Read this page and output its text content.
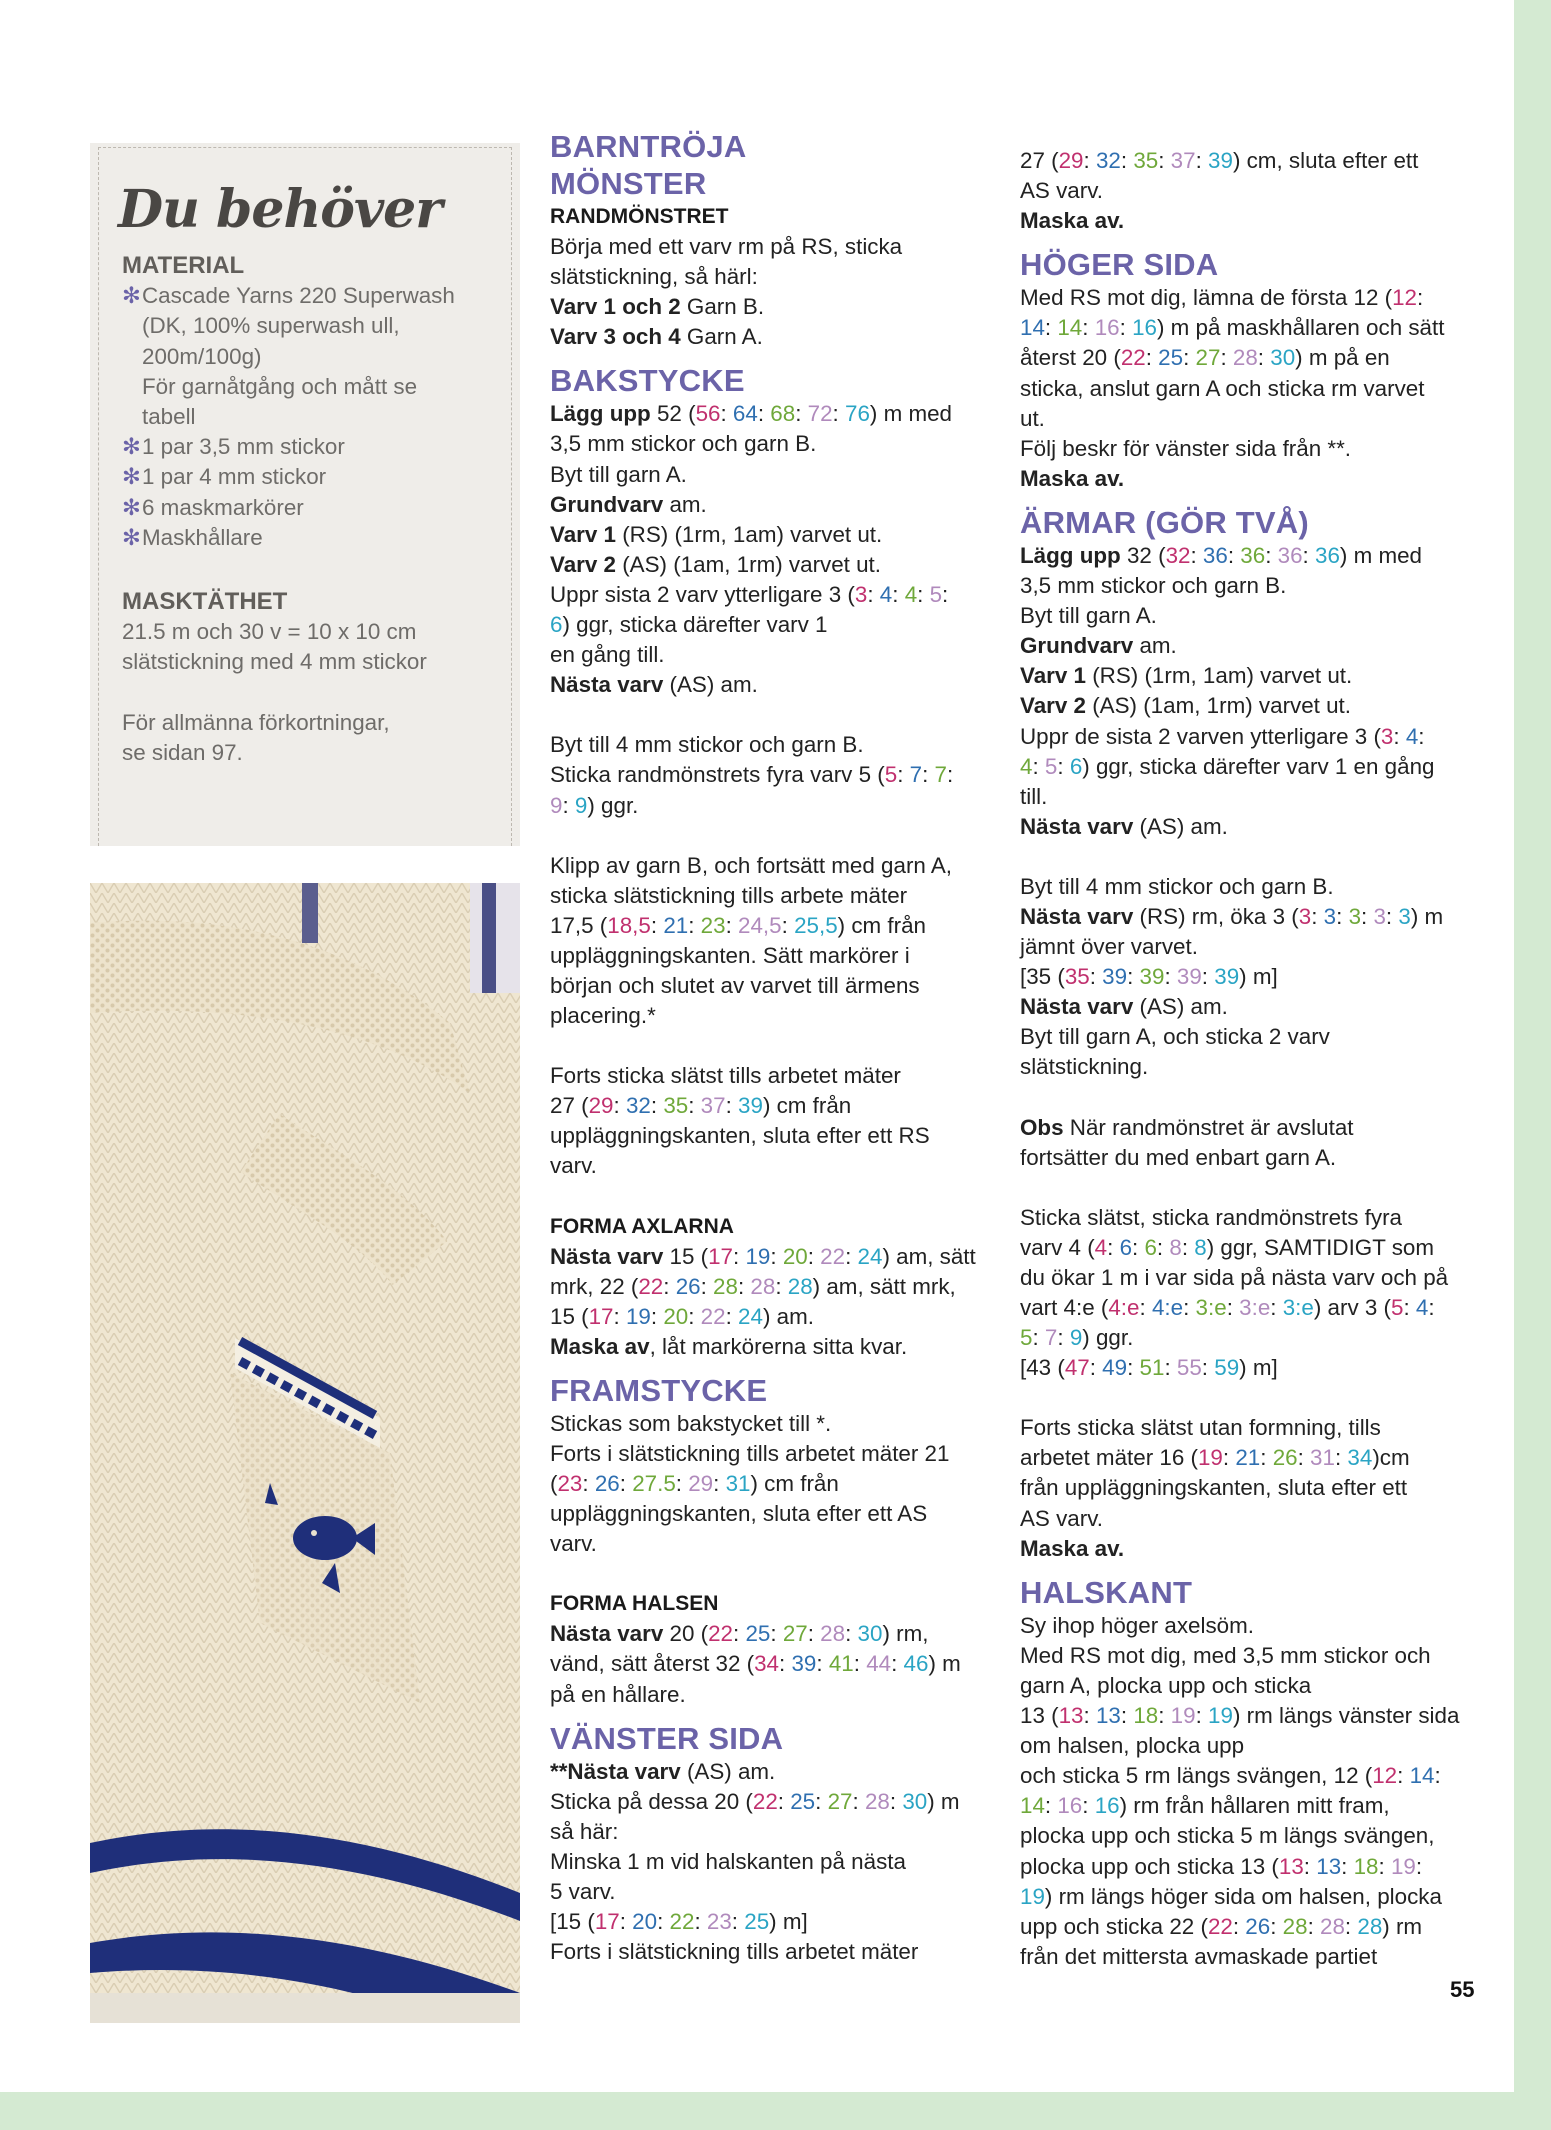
Du behöver
MATERIAL
✻ Cascade Yarns 220 Superwash
(DK, 100% superwash ull,
200m/100g)
För garnåtgång och mått se
tabell
✻ 1 par 3,5 mm stickor
✻ 1 par 4 mm stickor
✻ 6 maskmarkörer
✻ Maskhållare
MASKTÄTHET
21.5 m och 30 v = 10 x 10 cm
slätstickning med 4 mm stickor
För allmänna förkortningar,
se sidan 97.
BARNTRÖJA
MÖNSTER
RANDMÖNSTRET

Börja med ett varv rm på RS, sticka

slätstickning, så härl:

Varv 1 och 2 Garn B.

Varv 3 och 4 Garn A.

BAKSTYCKE

Lägg upp 52 (56: 64: 68: 72: 76) m med

3,5 mm stickor och garn B.

Byt till garn A.

Grundvarv am.

Varv 1 (RS) (1rm, 1am) varvet ut.

Varv 2 (AS) (1am, 1rm) varvet ut.

Uppr sista 2 varv ytterligare 3 (3: 4: 4: 5:

6) ggr, sticka därefter varv 1

en gång till.

Nästa varv (AS) am.

Byt till 4 mm stickor och garn B.

Sticka randmönstrets fyra varv 5 (5: 7: 7:

9: 9) ggr.

Klipp av garn B, och fortsätt med garn A,

sticka slätstickning tills arbete mäter

17,5 (18,5: 21: 23: 24,5: 25,5) cm från

uppläggningskanten. Sätt markörer i

början och slutet av varvet till ärmens

placering.*

Forts sticka slätst tills arbetet mäter

27 (29: 32: 35: 37: 39) cm från

uppläggningskanten, sluta efter ett RS

varv.

FORMA AXLARNA

Nästa varv 15 (17: 19: 20: 22: 24) am, sätt

mrk, 22 (22: 26: 28: 28: 28) am, sätt mrk,

15 (17: 19: 20: 22: 24) am.

Maska av, låt markörerna sitta kvar.

FRAMSTYCKE

Stickas som bakstycket till *.

Forts i slätstickning tills arbetet mäter 21

(23: 26: 27.5: 29: 31) cm från

uppläggningskanten, sluta efter ett AS

varv.

FORMA HALSEN

Nästa varv 20 (22: 25: 27: 28: 30) rm,

vänd, sätt återst 32 (34: 39: 41: 44: 46) m

på en hållare.

VÄNSTER SIDA

**Nästa varv (AS) am.

Sticka på dessa 20 (22: 25: 27: 28: 30) m

så här:

Minska 1 m vid halskanten på nästa

5 varv.

[15 (17: 20: 22: 23: 25) m]

Forts i slätstickning tills arbetet mäter

27 (29: 32: 35: 37: 39) cm, sluta efter ett

AS varv.

Maska av.

HÖGER SIDA

Med RS mot dig, lämna de första 12 (12:

14: 14: 16: 16) m på maskhållaren och sätt

återst 20 (22: 25: 27: 28: 30) m på en

sticka, anslut garn A och sticka rm varvet

ut.

Följ beskr för vänster sida från **.

Maska av.

ÄRMAR (GÖR TVÅ)

Lägg upp 32 (32: 36: 36: 36: 36) m med

3,5 mm stickor och garn B.

Byt till garn A.

Grundvarv am.

Varv 1 (RS) (1rm, 1am) varvet ut.

Varv 2 (AS) (1am, 1rm) varvet ut.

Uppr de sista 2 varven ytterligare 3 (3: 4:

4: 5: 6) ggr, sticka därefter varv 1 en gång

till.

Nästa varv (AS) am.

Byt till 4 mm stickor och garn B.

Nästa varv (RS) rm, öka 3 (3: 3: 3: 3: 3) m

jämnt över varvet.

[35 (35: 39: 39: 39: 39) m]

Nästa varv (AS) am.

Byt till garn A, och sticka 2 varv

slätstickning.

Obs När randmönstret är avslutat

fortsätter du med enbart garn A.

Sticka slätst, sticka randmönstrets fyra

varv 4 (4: 6: 6: 8: 8) ggr, SAMTIDIGT som

du ökar 1 m i var sida på nästa varv och på

vart 4:e (4:e: 4:e: 3:e: 3:e: 3:e) arv 3 (5: 4:

5: 7: 9) ggr.

[43 (47: 49: 51: 55: 59) m]

Forts sticka slätst utan formning, tills

arbetet mäter 16 (19: 21: 26: 31: 34)cm

från uppläggningskanten, sluta efter ett

AS varv.

Maska av.

HALSKANT

Sy ihop höger axelsöm.

Med RS mot dig, med 3,5 mm stickor och

garn A, plocka upp och sticka

13 (13: 13: 18: 19: 19) rm längs vänster sida

om halsen, plocka upp

och sticka 5 rm längs svängen, 12 (12: 14:

14: 16: 16) rm från hållaren mitt fram,

plocka upp och sticka 5 m längs svängen,

plocka upp och sticka 13 (13: 13: 18: 19:

19) rm längs höger sida om halsen, plocka

upp och sticka 22 (22: 26: 28: 28: 28) rm

från det mittersta avmaskade partiet

55
